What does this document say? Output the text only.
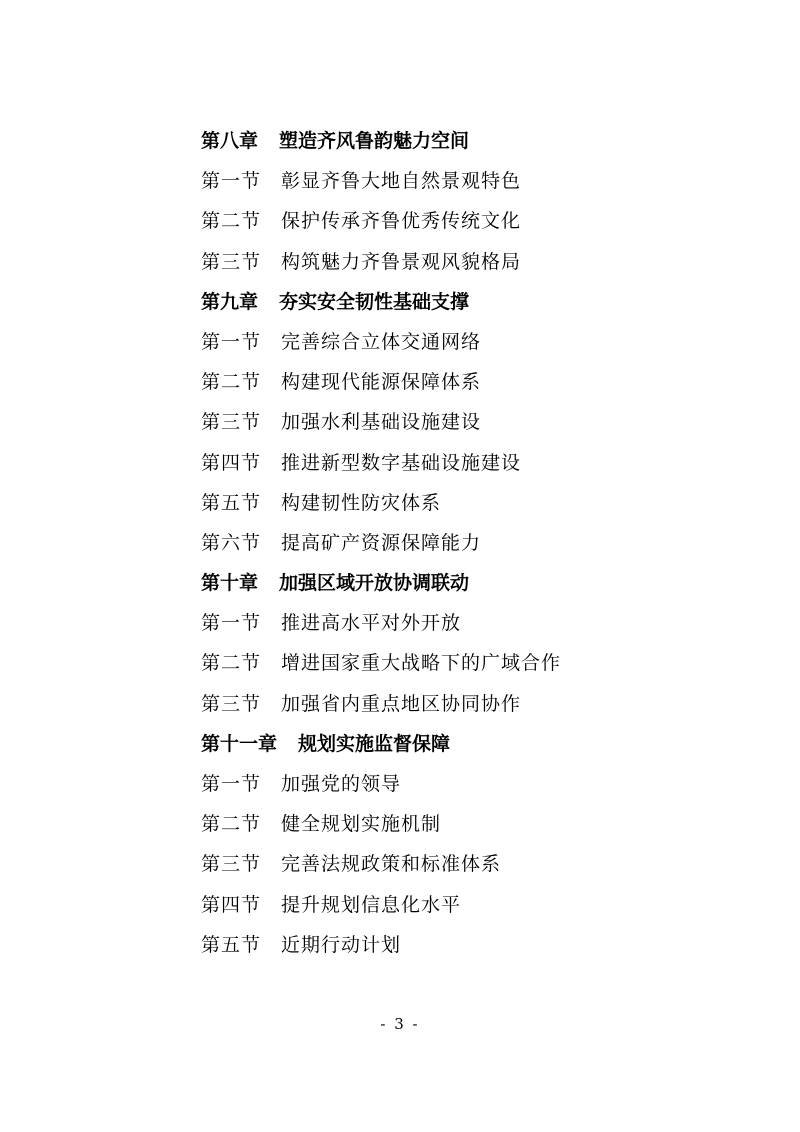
第八章 塑造齐风鲁韵魅力空间
第一节 彰显齐鲁大地自然景观特色
第二节 保护传承齐鲁优秀传统文化
第三节 构筑魅力齐鲁景观风貌格局
第九章 夯实安全韧性基础支撑
第一节 完善综合立体交通网络
第二节 构建现代能源保障体系
第三节 加强水利基础设施建设
第四节 推进新型数字基础设施建设
第五节 构建韧性防灾体系
第六节 提高矿产资源保障能力
第十章 加强区域开放协调联动
第一节 推进高水平对外开放
第二节 增进国家重大战略下的广域合作
第三节 加强省内重点地区协同协作
第十一章 规划实施监督保障
第一节 加强党的领导
第二节 健全规划实施机制
第三节 完善法规政策和标准体系
第四节 提升规划信息化水平
第五节 近期行动计划
- 3 -
